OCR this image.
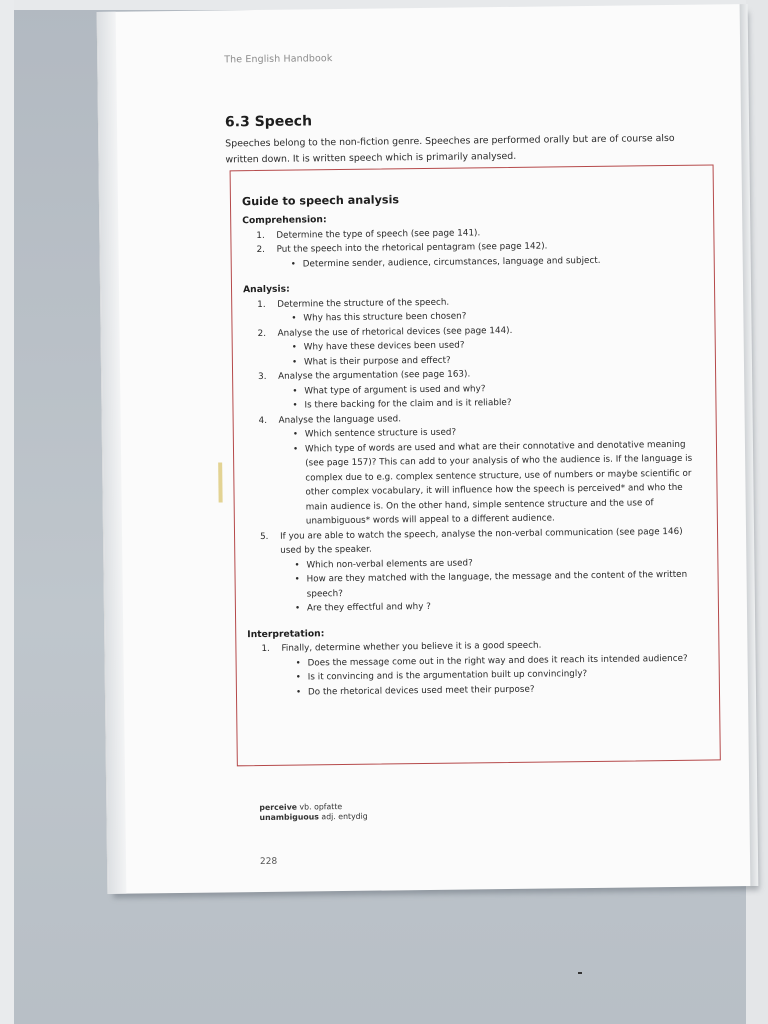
The English Handbook
6.3 Speech
Speeches belong to the non-fiction genre. Speeches are performed orally but are of course also written down. It is written speech which is primarily analysed.
Guide to speech analysis
Comprehension:
1.	Determine the type of speech (see page 141).
2.	Put the speech into the rhetorical pentagram (see page 142).
• Determine sender, audience, circumstances, language and subject.
Analysis:
1.	Determine the structure of the speech.
• Why has this structure been chosen?
2.	Analyse the use of rhetorical devices (see page 144).
• Why have these devices been used?
• What is their purpose and effect?
3.	Analyse the argumentation (see page 163).
• What type of argument is used and why?
• Is there backing for the claim and is it reliable?
4.	Analyse the language used.
• Which sentence structure is used?
• Which type of words are used and what are their connotative and denotative meaning (see page 157)? This can add to your analysis of who the audience is. If the language is complex due to e.g. complex sentence structure, use of numbers or maybe scientific or other complex vocabulary, it will influence how the speech is perceived* and who the main audience is. On the other hand, simple sentence structure and the use of unambiguous* words will appeal to a different audience.
5.	If you are able to watch the speech, analyse the non-verbal communication (see page 146) used by the speaker.
• Which non-verbal elements are used?
• How are they matched with the language, the message and the content of the written speech?
• Are they effectful and why ?
Interpretation:
1.	Finally, determine whether you believe it is a good speech.
• Does the message come out in the right way and does it reach its intended audience?
• Is it convincing and is the argumentation built up convincingly?
• Do the rhetorical devices used meet their purpose?
perceive vb. opfatte
unambiguous adj. entydig
228
